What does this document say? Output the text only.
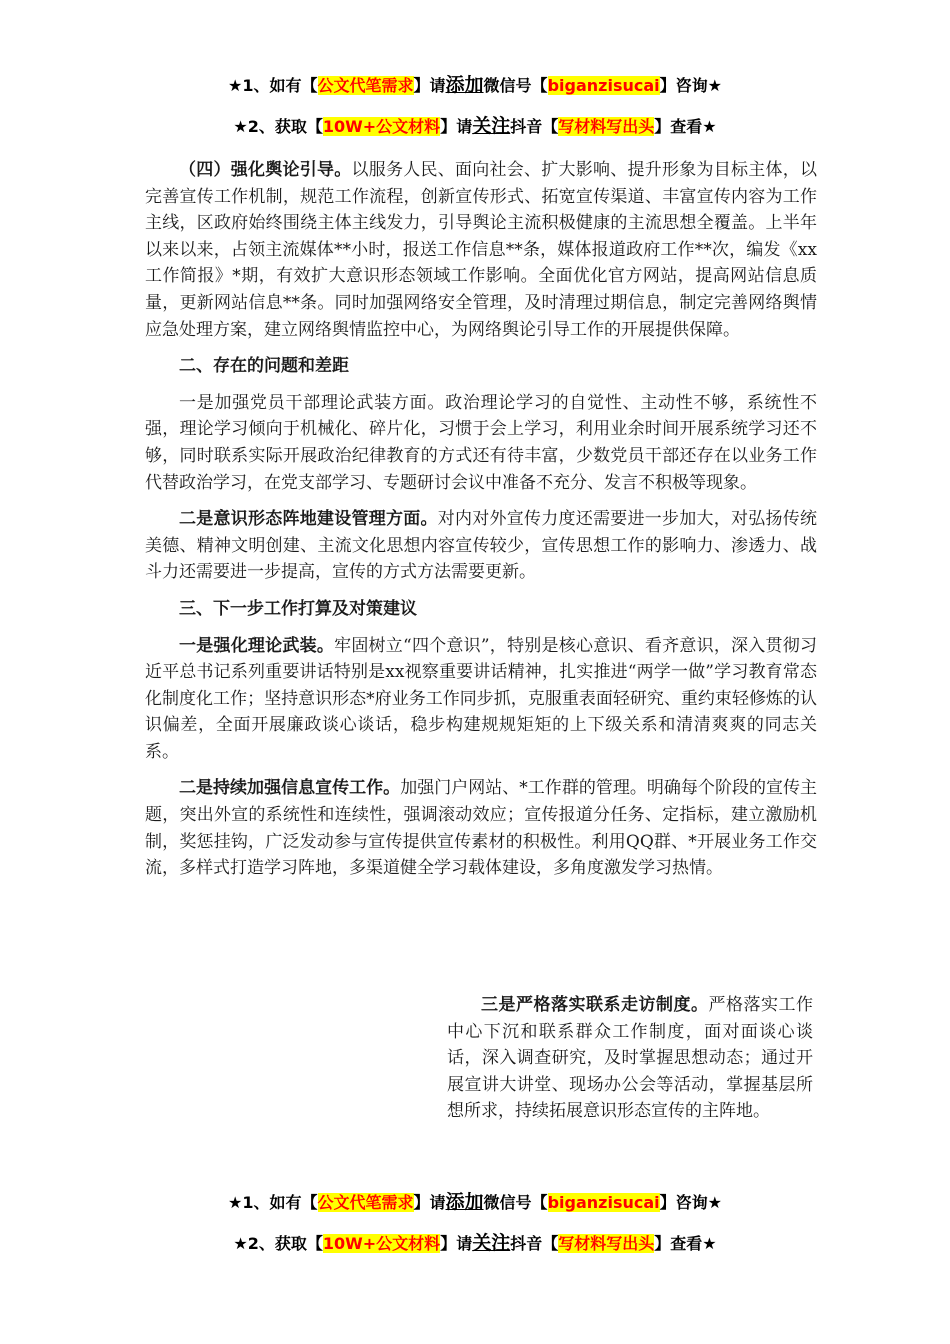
★1、如有【公文代笔需求】请添加微信号【biganzisucai】咨询★
★2、获取【10W+公文材料】请关注抖音【写材料写出头】查看★

（四）强化舆论引导。以服务人民、面向社会、扩大影响、提升形象为目标主体，以完善宣传工作机制，规范工作流程，创新宣传形式、拓宽宣传渠道、丰富宣传内容为工作主线，区政府始终围绕主体主线发力，引导舆论主流积极健康的主流思想全覆盖。上半年以来以来，占领主流媒体**小时，报送工作信息**条，媒体报道政府工作**次，编发《xx工作简报》*期，有效扩大意识形态领域工作影响。全面优化官方网站，提高网站信息质量，更新网站信息**条。同时加强网络安全管理，及时清理过期信息，制定完善网络舆情应急处理方案，建立网络舆情监控中心，为网络舆论引导工作的开展提供保障。

二、存在的问题和差距

一是加强党员干部理论武装方面。政治理论学习的自觉性、主动性不够，系统性不强，理论学习倾向于机械化、碎片化，习惯于会上学习，利用业余时间开展系统学习还不够，同时联系实际开展政治纪律教育的方式还有待丰富，少数党员干部还存在以业务工作代替政治学习，在党支部学习、专题研讨会议中准备不充分、发言不积极等现象。

二是意识形态阵地建设管理方面。对内对外宣传力度还需要进一步加大，对弘扬传统美德、精神文明创建、主流文化思想内容宣传较少，宣传思想工作的影响力、渗透力、战斗力还需要进一步提高，宣传的方式方法需要更新。

三、下一步工作打算及对策建议

一是强化理论武装。牢固树立“四个意识”，特别是核心意识、看齐意识，深入贯彻习近平总书记系列重要讲话特别是xx视察重要讲话精神，扎实推进“两学一做”学习教育常态化制度化工作；坚持意识形态*府业务工作同步抓，克服重表面轻研究、重约束轻修炼的认识偏差，全面开展廉政谈心谈话，稳步构建规规矩矩的上下级关系和清清爽爽的同志关系。

二是持续加强信息宣传工作。加强门户网站、*工作群的管理。明确每个阶段的宣传主题，突出外宣的系统性和连续性，强调滚动效应；宣传报道分任务、定指标，建立激励机制，奖惩挂钩，广泛发动参与宣传提供宣传素材的积极性。利用QQ群、*开展业务工作交流，多样式打造学习阵地，多渠道健全学习载体建设，多角度激发学习热情。

三是严格落实联系走访制度。严格落实工作中心下沉和联系群众工作制度，面对面谈心谈话，深入调查研究，及时掌握思想动态；通过开展宣讲大讲堂、现场办公会等活动，掌握基层所想所求，持续拓展意识形态宣传的主阵地。

★1、如有【公文代笔需求】请添加微信号【biganzisucai】咨询★
★2、获取【10W+公文材料】请关注抖音【写材料写出头】查看★
